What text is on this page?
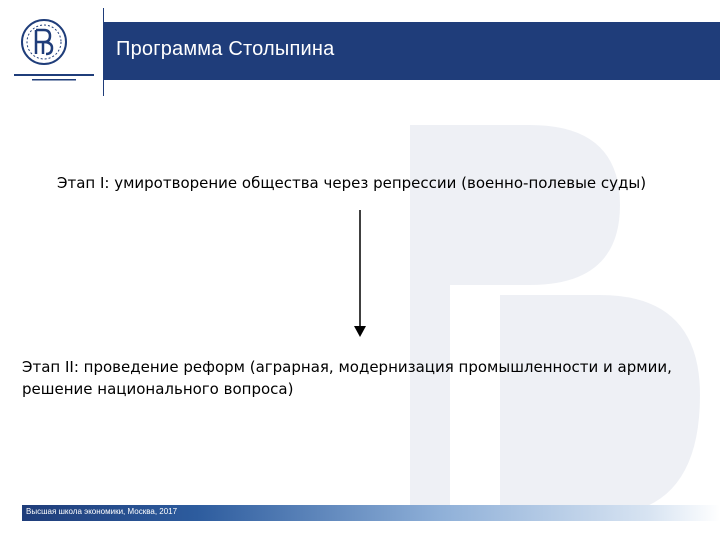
Программа Столыпина
Этап I: умиротворение общества через репрессии (военно-полевые суды)
Этап II: проведение реформ (аграрная, модернизация промышленности и армии, решение национального вопроса)
Высшая школа экономики, Москва, 2017
